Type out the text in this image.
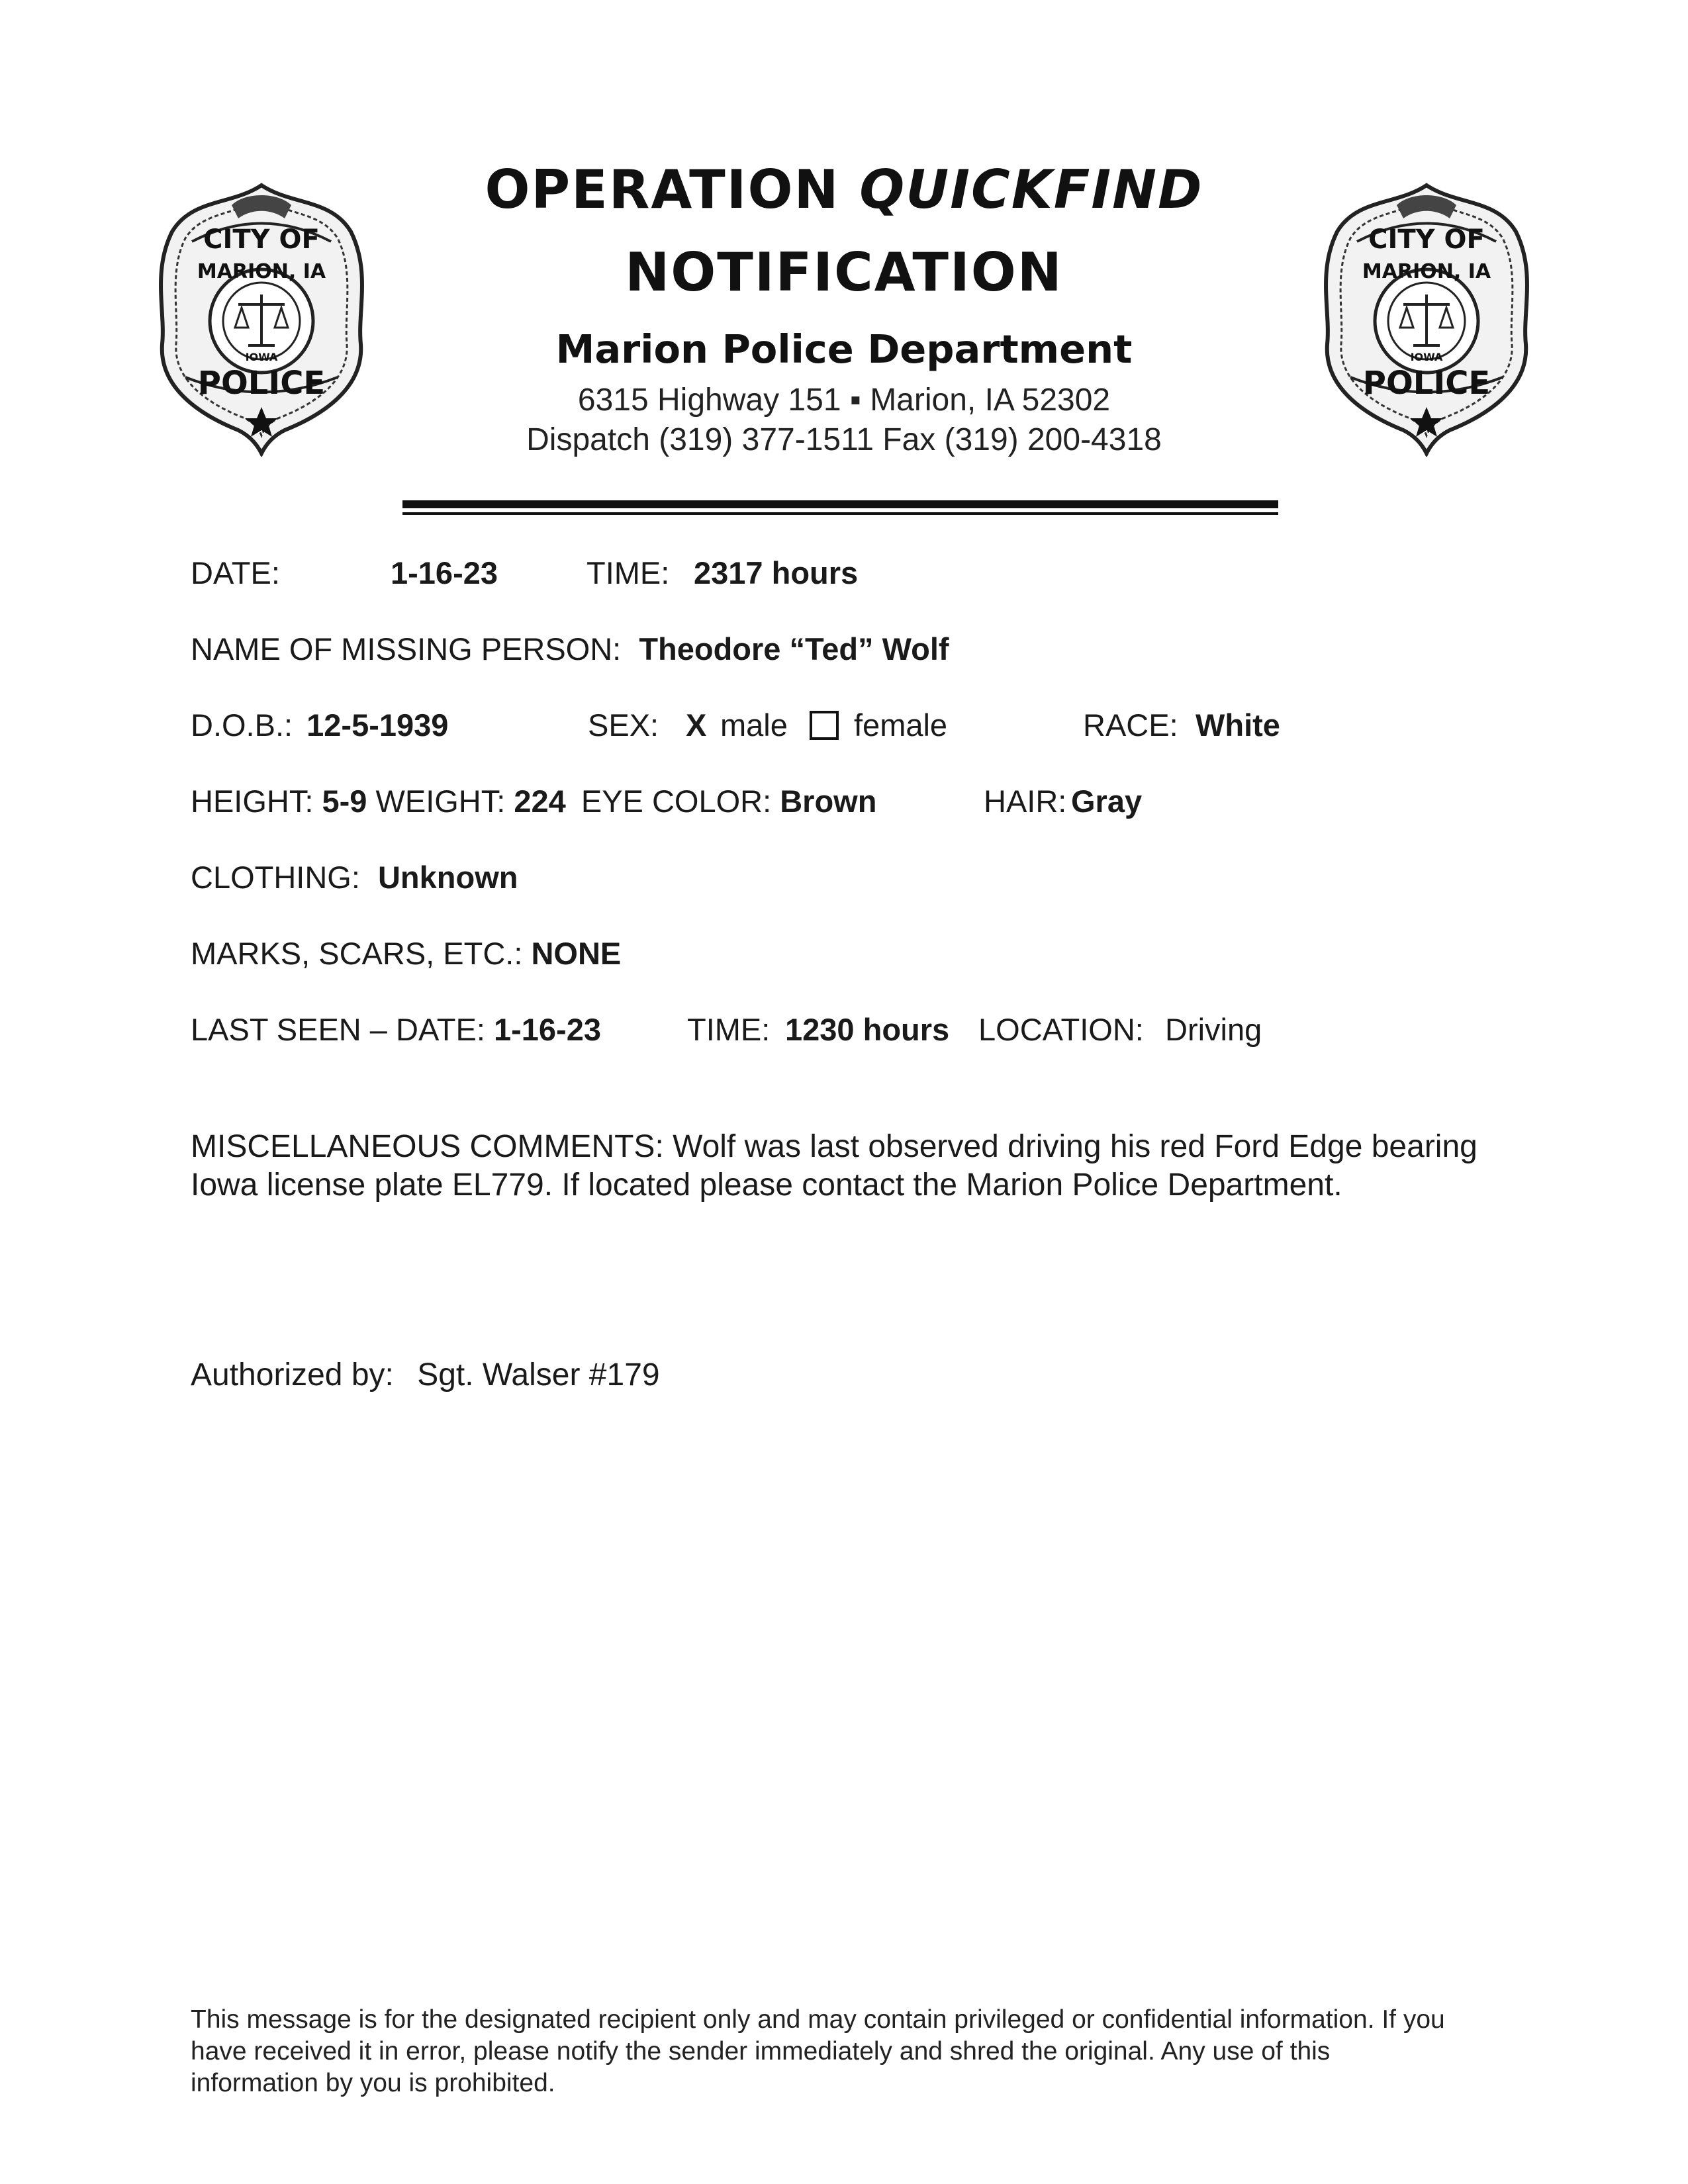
CITY OF
MARION, IA
IOWA
POLICE
CITY OF
MARION, IA
IOWA
POLICE
OPERATION QUICKFIND
NOTIFICATION
Marion Police Department
6315 Highway 151 ▪ Marion, IA 52302
Dispatch (319) 377-1511 Fax (319) 200-4318
DATE:	1-16-23	TIME: 2317 hours
NAME OF MISSING PERSON: Theodore “Ted” Wolf
D.O.B.: 12-5-1939	SEX: X male female	RACE: White
HEIGHT: 5-9 WEIGHT: 224 EYE COLOR: Brown	HAIR: Gray
CLOTHING: Unknown
MARKS, SCARS, ETC.: NONE
LAST SEEN – DATE: 1-16-23	TIME: 1230 hours LOCATION: Driving
MISCELLANEOUS COMMENTS: Wolf was last observed driving his red Ford Edge bearing Iowa license plate EL779. If located please contact the Marion Police Department.
Authorized by: Sgt. Walser #179
This message is for the designated recipient only and may contain privileged or confidential information. If you have received it in error, please notify the sender immediately and shred the original. Any use of this information by you is prohibited.
